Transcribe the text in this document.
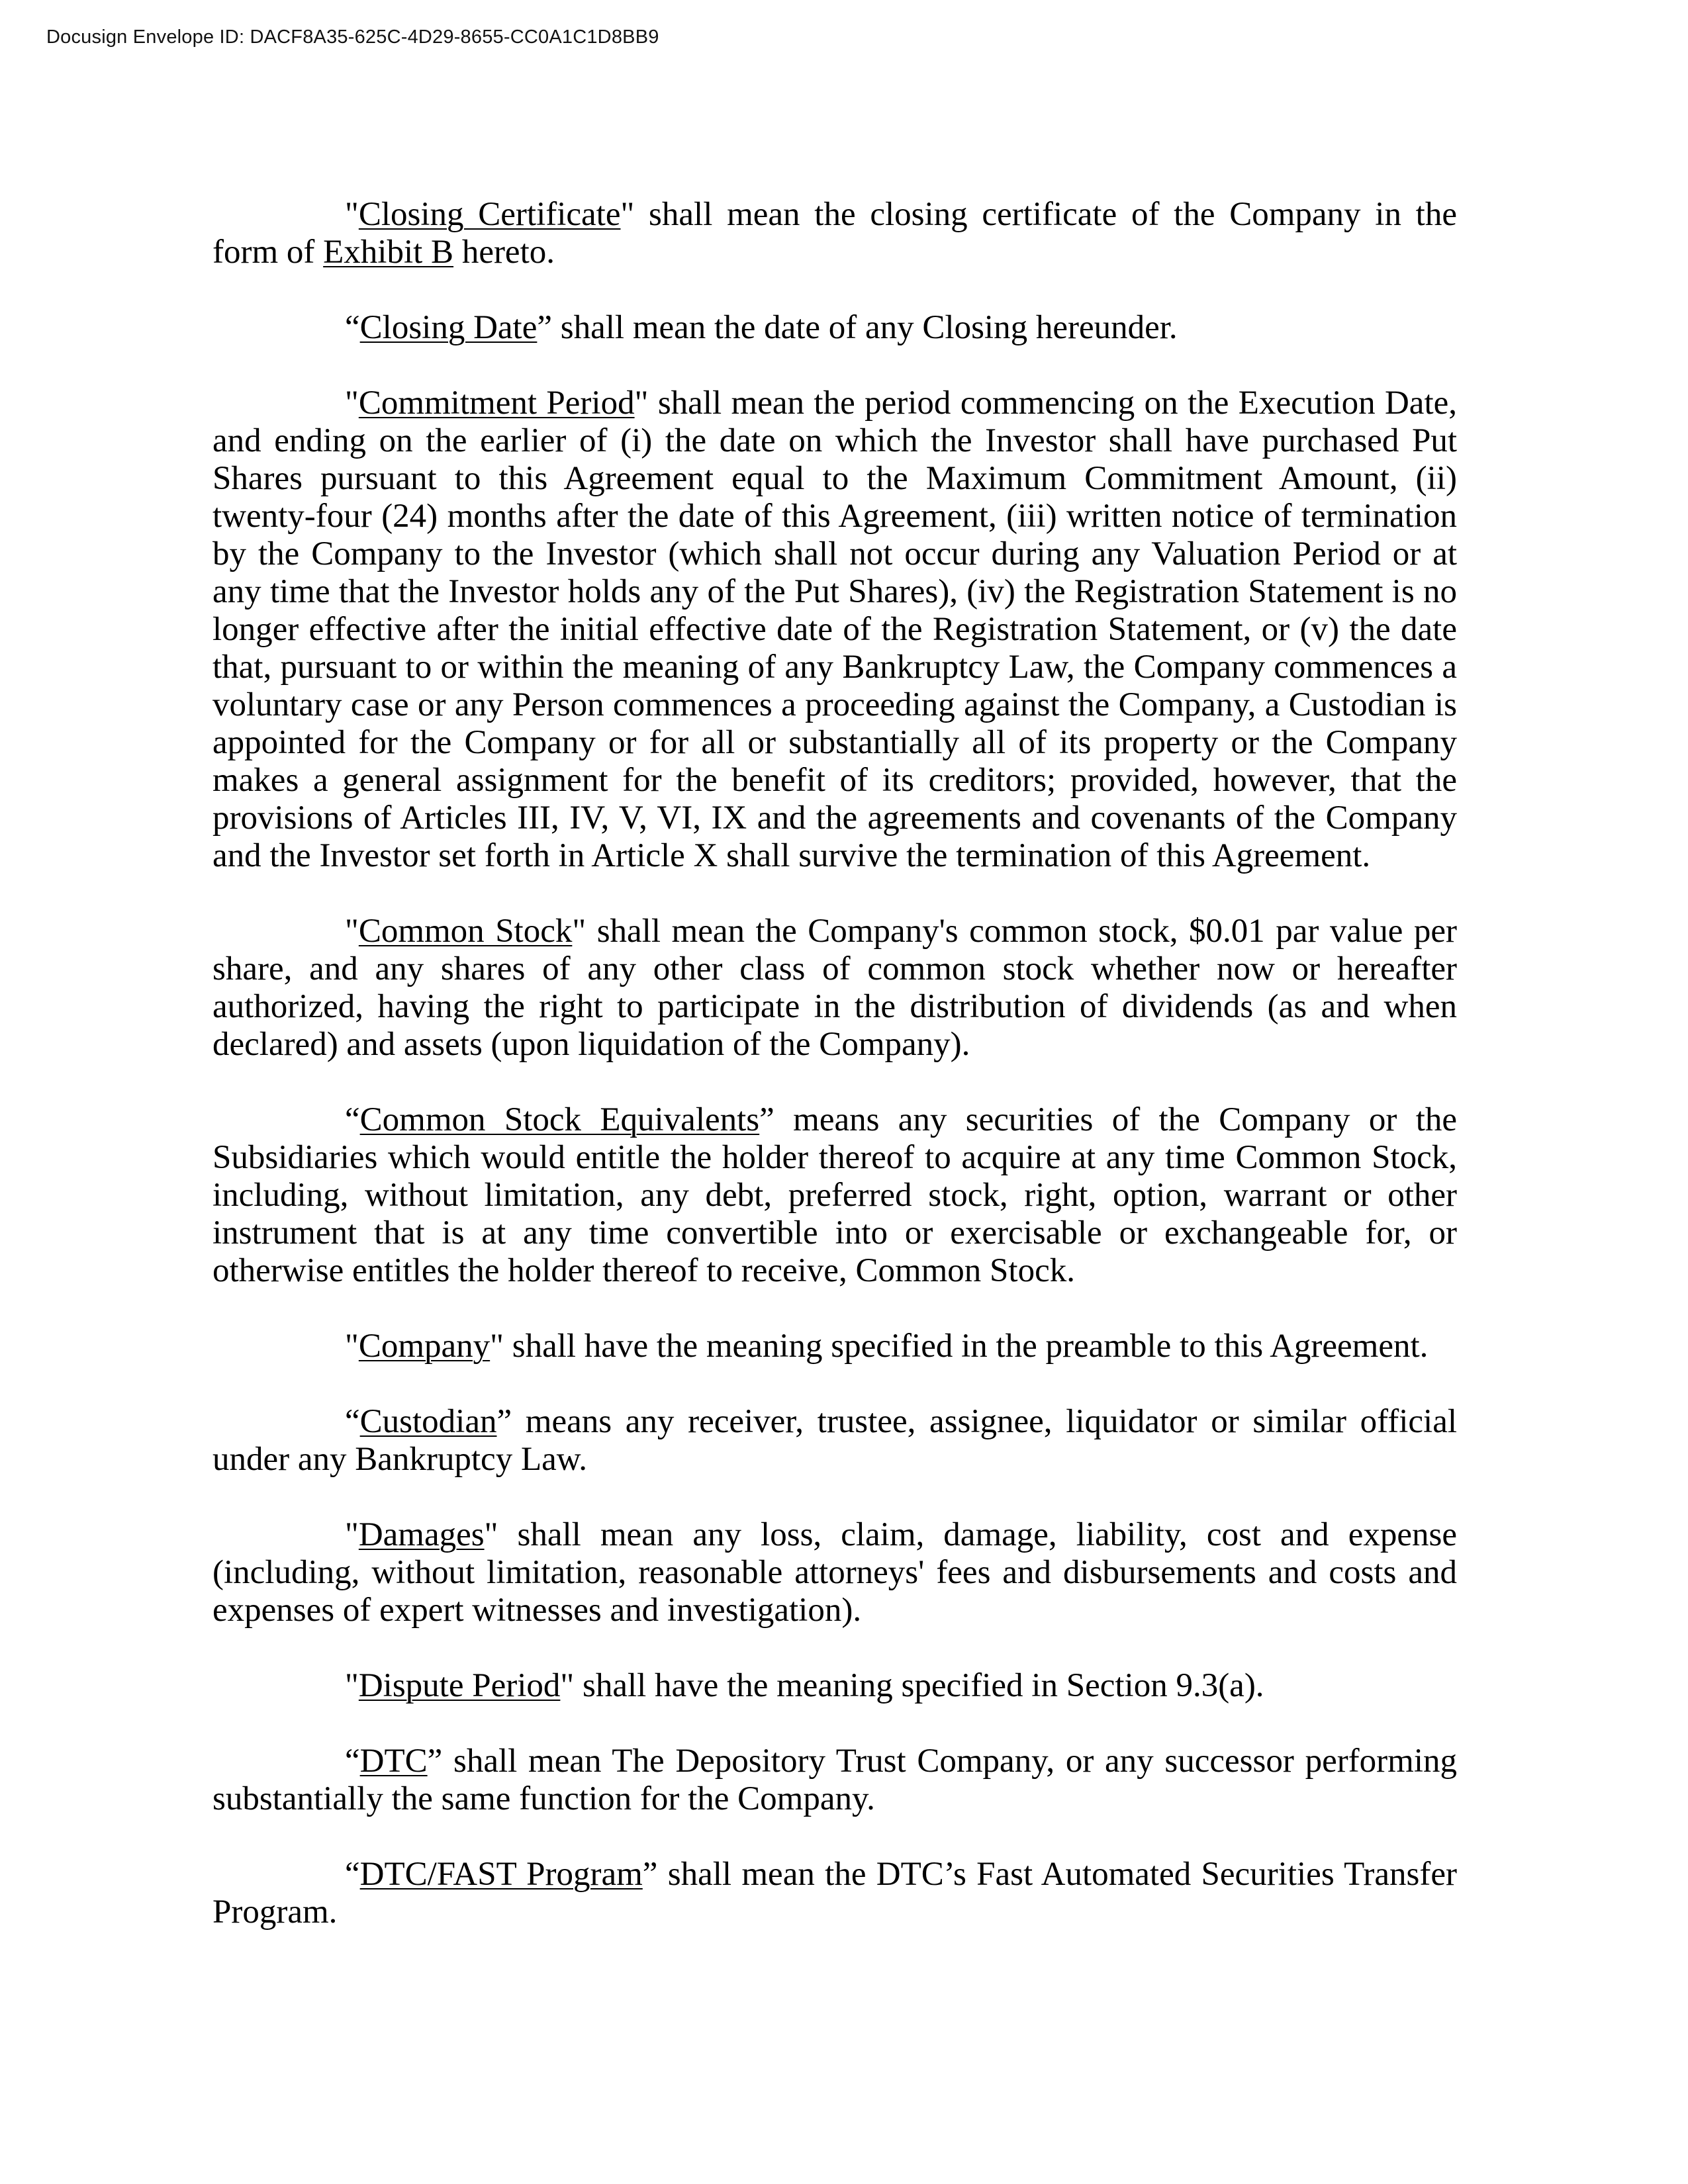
Docusign Envelope ID: DACF8A35-625C-4D29-8655-CC0A1C1D8BB9

"Closing Certificate" shall mean the closing certificate of the Company in the form of Exhibit B hereto.

“Closing Date” shall mean the date of any Closing hereunder.

"Commitment Period" shall mean the period commencing on the Execution Date, and ending on the earlier of (i) the date on which the Investor shall have purchased Put Shares pursuant to this Agreement equal to the Maximum Commitment Amount, (ii) twenty-four (24) months after the date of this Agreement, (iii) written notice of termination by the Company to the Investor (which shall not occur during any Valuation Period or at any time that the Investor holds any of the Put Shares), (iv) the Registration Statement is no longer effective after the initial effective date of the Registration Statement, or (v) the date that, pursuant to or within the meaning of any Bankruptcy Law, the Company commences a voluntary case or any Person commences a proceeding against the Company, a Custodian is appointed for the Company or for all or substantially all of its property or the Company makes a general assignment for the benefit of its creditors; provided, however, that the provisions of Articles III, IV, V, VI, IX and the agreements and covenants of the Company and the Investor set forth in Article X shall survive the termination of this Agreement.

"Common Stock" shall mean the Company's common stock, $0.01 par value per share, and any shares of any other class of common stock whether now or hereafter authorized, having the right to participate in the distribution of dividends (as and when declared) and assets (upon liquidation of the Company).

“Common Stock Equivalents” means any securities of the Company or the Subsidiaries which would entitle the holder thereof to acquire at any time Common Stock, including, without limitation, any debt, preferred stock, right, option, warrant or other instrument that is at any time convertible into or exercisable or exchangeable for, or otherwise entitles the holder thereof to receive, Common Stock.

"Company" shall have the meaning specified in the preamble to this Agreement.

“Custodian” means any receiver, trustee, assignee, liquidator or similar official under any Bankruptcy Law.

"Damages" shall mean any loss, claim, damage, liability, cost and expense (including, without limitation, reasonable attorneys' fees and disbursements and costs and expenses of expert witnesses and investigation).

"Dispute Period" shall have the meaning specified in Section 9.3(a).

“DTC” shall mean The Depository Trust Company, or any successor performing substantially the same function for the Company.

“DTC/FAST Program” shall mean the DTC’s Fast Automated Securities Transfer Program.
